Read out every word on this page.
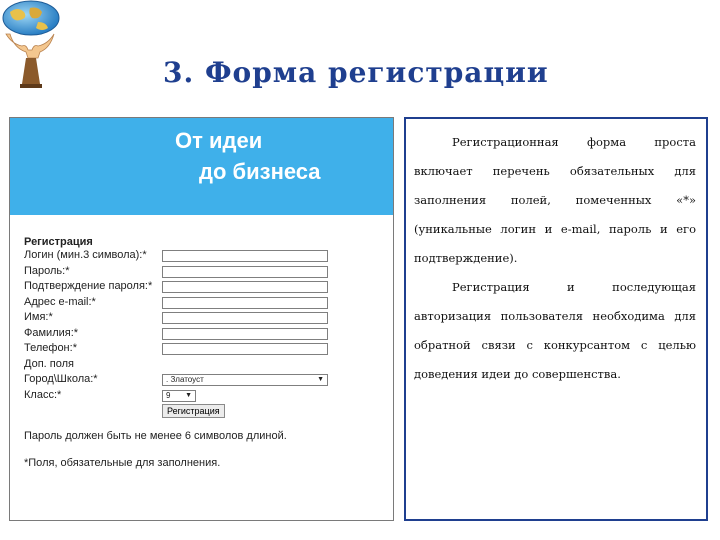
3. Форма регистрации
От идеи
до бизнеса
Регистрация
Логин (мин.3 символа):*
Пароль:*
Подтверждение пароля:*
Адрес e-mail:*
Имя:*
Фамилия:*
Телефон:*
Доп. поля
Город\Школа:*	. Златоуст	▼
Класс:*	9 ▼
Регистрация
Пароль должен быть не менее 6 символов длиной.
*Поля, обязательные для заполнения.

Регистрационная форма проста включает перечень обязательных для заполнения полей, помеченных «*» (уникальные логин и e-mail, пароль и его подтверждение).

Регистрация и последующая авторизация пользователя необходима для обратной связи с конкурсантом с целью доведения идеи до совершенства.
